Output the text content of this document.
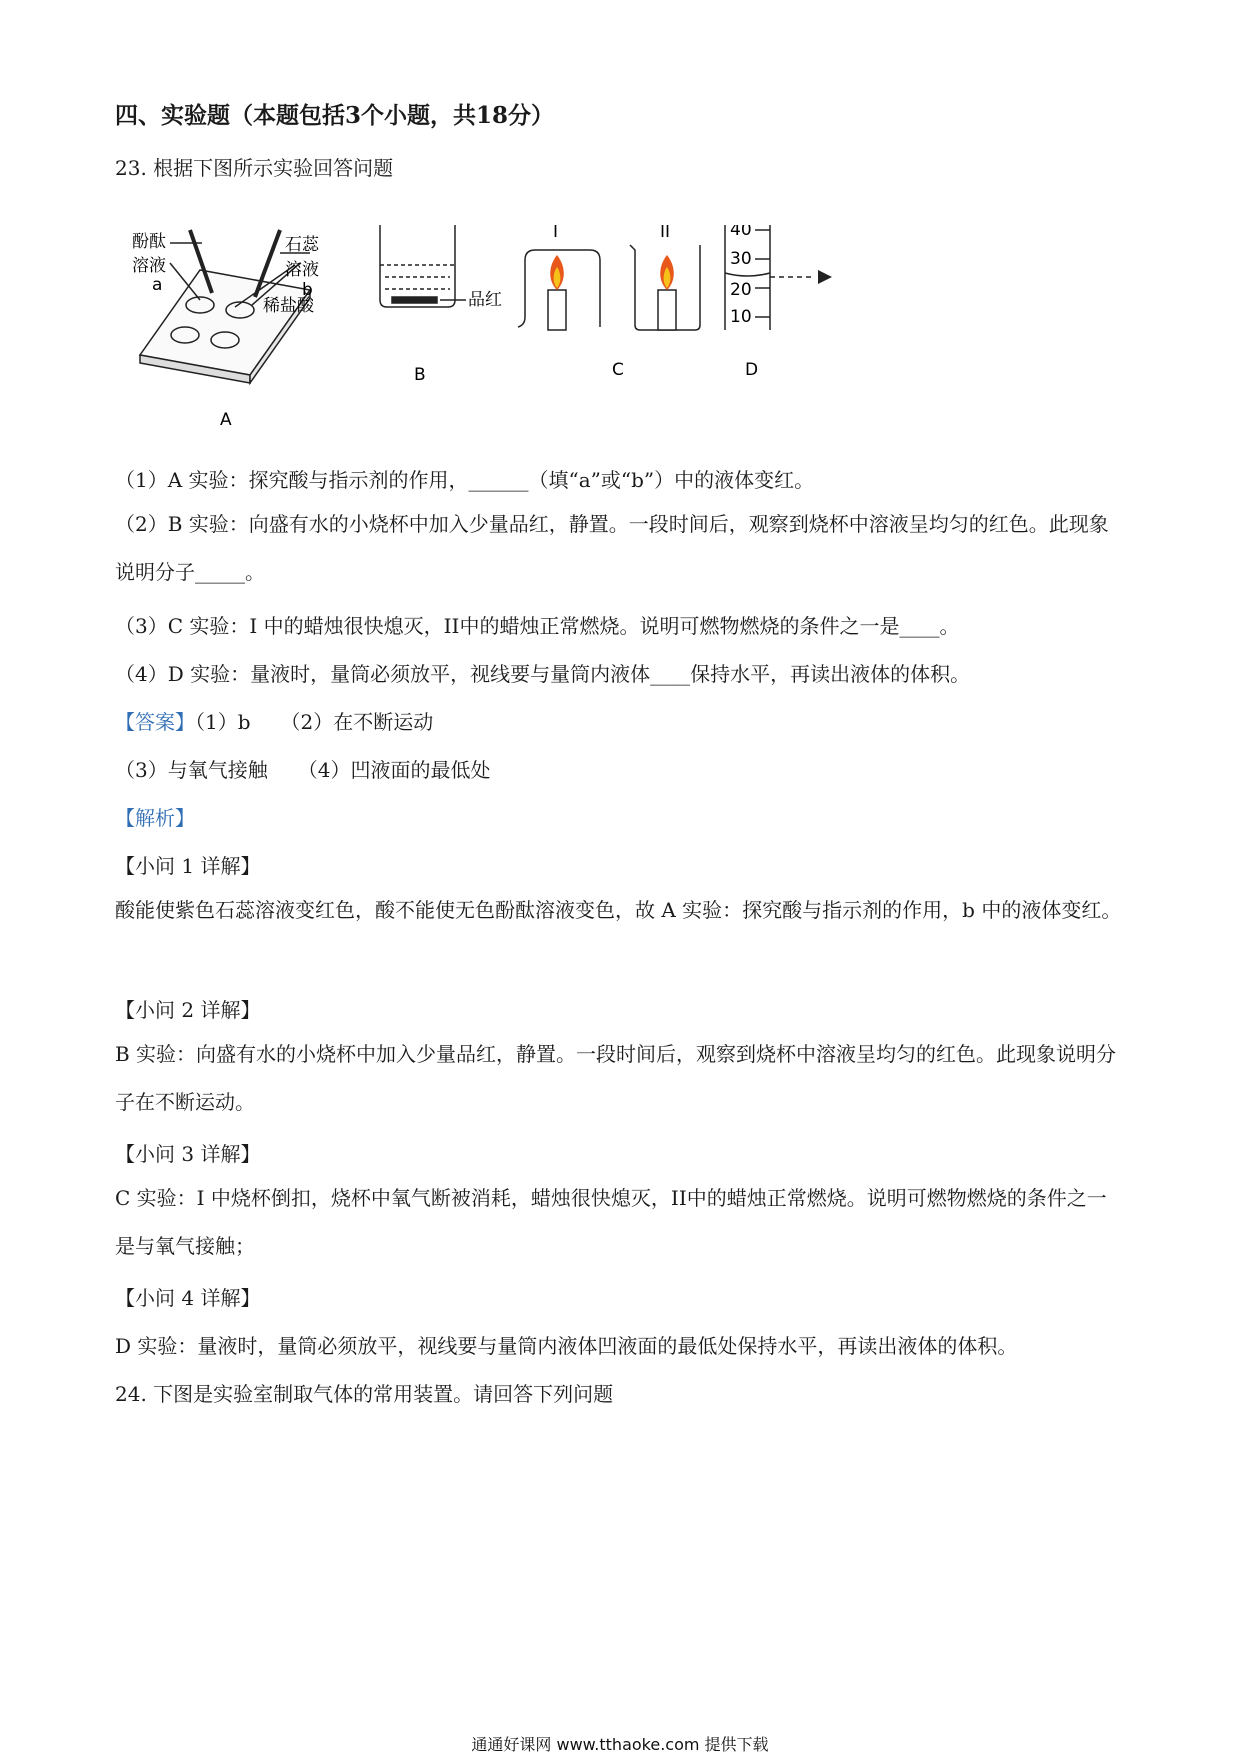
四、实验题（本题包括3个小题，共18分）
23. 根据下图所示实验回答问题
酚酞
溶液
石蕊
溶液
a	b
稀盐酸
A
品红
B
I	II
C
40
30
20
10
D
（1）A 实验：探究酸与指示剂的作用，______（填“a”或“b”）中的液体变红。
（2）B 实验：向盛有水的小烧杯中加入少量品红，静置。一段时间后，观察到烧杯中溶液呈均匀的红色。此现象说明分子_____。
（3）C 实验：I 中的蜡烛很快熄灭，II中的蜡烛正常燃烧。说明可燃物燃烧的条件之一是____。
（4）D 实验：量液时，量筒必须放平，视线要与量筒内液体____保持水平，再读出液体的体积。
【答案】（1）b　　（2）在不断运动
（3）与氧气接触　　（4）凹液面的最低处
【解析】
【小问 1 详解】
酸能使紫色石蕊溶液变红色，酸不能使无色酚酞溶液变色，故 A 实验：探究酸与指示剂的作用，b 中的液体变红。
【小问 2 详解】
B 实验：向盛有水的小烧杯中加入少量品红，静置。一段时间后，观察到烧杯中溶液呈均匀的红色。此现象说明分子在不断运动。
【小问 3 详解】
C 实验：I 中烧杯倒扣，烧杯中氧气断被消耗，蜡烛很快熄灭，II中的蜡烛正常燃烧。说明可燃物燃烧的条件之一是与氧气接触；
【小问 4 详解】
D 实验：量液时，量筒必须放平，视线要与量筒内液体凹液面的最低处保持水平，再读出液体的体积。
24. 下图是实验室制取气体的常用装置。请回答下列问题
通通好课网 www.tthaoke.com 提供下载
